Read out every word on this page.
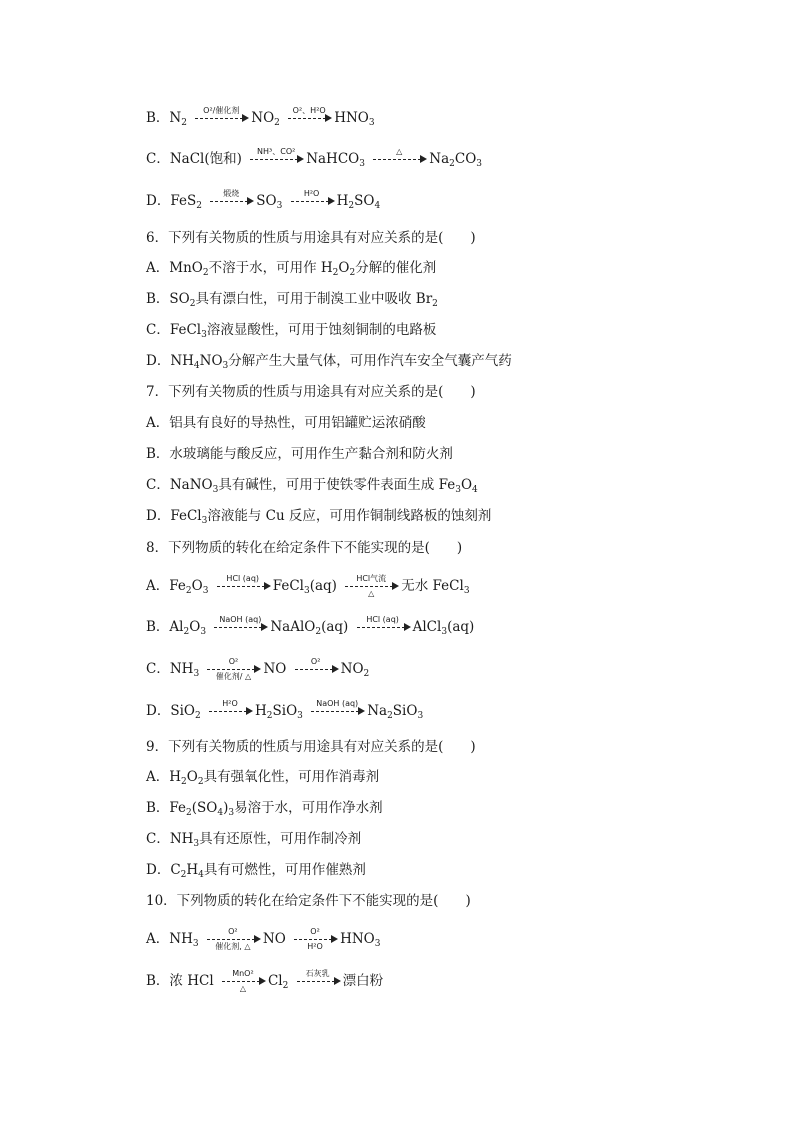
B．$N_2$
O²/催化剂 $NO_2$
O²、H²O $HNO_3$
C．NaCl(饱和)	NH³、CO² NaHCO$_3$
△	$Na_2CO_3$
D．FeS$_2$
煅烧	$SO_3$
H²O	$H_2SO_4$
6．下列有关物质的性质与用途具有对应关系的是(　　)
A．MnO$_2$不溶于水，可用作 $H_2O_2$分解的催化剂
B．$SO_2$具有漂白性，可用于制溴工业中吸收 $Br_2$
C．FeCl$_3$溶液显酸性，可用于蚀刻铜制的电路板
D．$NH_4NO_3$分解产生大量气体，可用作汽车安全气囊产气药
7．下列有关物质的性质与用途具有对应关系的是(　　)
A．铝具有良好的导热性，可用铝罐贮运浓硝酸
B．水玻璃能与酸反应，可用作生产黏合剂和防火剂
C．NaNO$_3$具有碱性，可用于使铁零件表面生成 $Fe_3O_4$
D．FeCl$_3$溶液能与 Cu 反应，可用作铜制线路板的蚀刻剂
8．下列物质的转化在给定条件下不能实现的是(　　)
A．$Fe_2O_3$
HCl (aq)	FeCl$_3$(aq)	HCl气流
△	无水 FeCl$_3$
B．$Al_2O_3$
NaOH (aq) NaAlO$_2$(aq)	HCl (aq)	AlCl$_3$(aq)
C．$NH_3$
O²
催化剂/ △ NO	O²	$NO_2$
D．SiO$_2$
H²O	$H_2SiO_3$
NaOH (aq) $Na_2SiO_3$
9．下列有关物质的性质与用途具有对应关系的是(　　)
A．$H_2O_2$具有强氧化性，可用作消毒剂
B．$Fe_2(SO_4)_3$易溶于水，可用作净水剂
C．$NH_3$具有还原性，可用作制冷剂
D．$C_2H_4$具有可燃性，可用作催熟剂
10．下列物质的转化在给定条件下不能实现的是(　　)
A．$NH_3$
O²
催化剂, △ NO $\frac{\text{O²}}{\text{H²O}} HNO_3$
B．浓 HCl	MnO²
△	$Cl_2$
石灰乳 漂白粉
